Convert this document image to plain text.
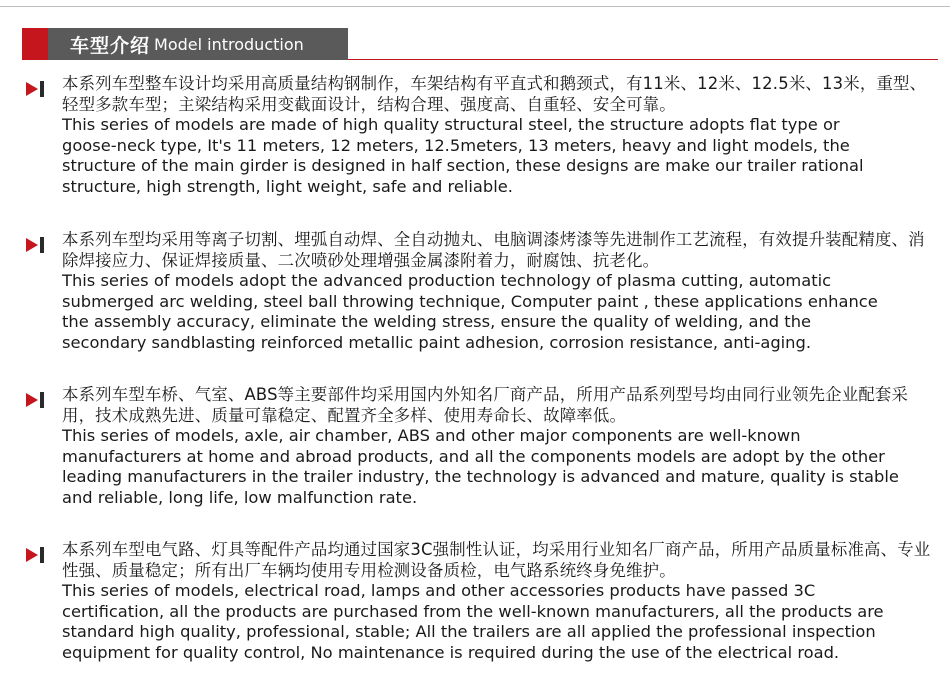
车型介绍 Model introduction
本系列车型整车设计均采用高质量结构钢制作，车架结构有平直式和鹅颈式，有11米、12米、12.5米、13米，重型、轻型多款车型；主梁结构采用变截面设计，结构合理、强度高、自重轻、安全可靠。
This series of models are made of high quality structural steel, the structure adopts flat type or
goose-neck type, It's 11 meters, 12 meters, 12.5meters, 13 meters, heavy and light models, the
structure of the main girder is designed in half section, these designs are make our trailer rational
structure, high strength, light weight, safe and reliable.
本系列车型均采用等离子切割、埋弧自动焊、全自动抛丸、电脑调漆烤漆等先进制作工艺流程，有效提升装配精度、消除焊接应力、保证焊接质量、二次喷砂处理增强金属漆附着力，耐腐蚀、抗老化。
This series of models adopt the advanced production technology of plasma cutting, automatic
submerged arc welding, steel ball throwing technique, Computer paint , these applications enhance
the assembly accuracy, eliminate the welding stress, ensure the quality of welding, and the
secondary sandblasting reinforced metallic paint adhesion, corrosion resistance, anti-aging.
本系列车型车桥、气室、ABS等主要部件均采用国内外知名厂商产品，所用产品系列型号均由同行业领先企业配套采用，技术成熟先进、质量可靠稳定、配置齐全多样、使用寿命长、故障率低。
This series of models, axle, air chamber, ABS and other major components are well-known
manufacturers at home and abroad products, and all the components models are adopt by the other
leading manufacturers in the trailer industry, the technology is advanced and mature, quality is stable
and reliable, long life, low malfunction rate.
本系列车型电气路、灯具等配件产品均通过国家3C强制性认证，均采用行业知名厂商产品，所用产品质量标准高、专业性强、质量稳定；所有出厂车辆均使用专用检测设备质检，电气路系统终身免维护。
This series of models, electrical road, lamps and other accessories products have passed 3C
certification, all the products are purchased from the well-known manufacturers, all the products are
standard high quality, professional, stable; All the trailers are all applied the professional inspection
equipment for quality control, No maintenance is required during the use of the electrical road.
